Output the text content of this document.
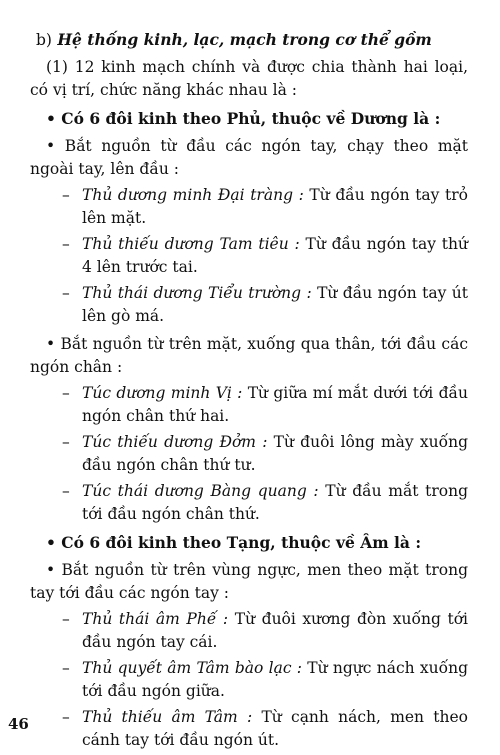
b) Hệ thống kinh, lạc, mạch trong cơ thể gồm

(1) 12 kinh mạch chính và được chia thành hai loại, có vị trí, chức năng khác nhau là :

• Có 6 đôi kinh theo Phủ, thuộc về Dương là :

• Bắt nguồn từ đầu các ngón tay, chạy theo mặt ngoài tay, lên đầu :

– Thủ dương minh Đại tràng : Từ đầu ngón tay trỏ lên mặt.
– Thủ thiếu dương Tam tiêu : Từ đầu ngón tay thứ 4 lên trước tai.
– Thủ thái dương Tiểu trường : Từ đầu ngón tay út lên gò má.

• Bắt nguồn từ trên mặt, xuống qua thân, tới đầu các ngón chân :

– Túc dương minh Vị : Từ giữa mí mắt dưới tới đầu ngón chân thứ hai.
– Túc thiếu dương Đởm : Từ đuôi lông mày xuống đầu ngón chân thứ tư.
– Túc thái dương Bàng quang : Từ đầu mắt trong tới đầu ngón chân thứ.

• Có 6 đôi kinh theo Tạng, thuộc về Âm là :

• Bắt nguồn từ trên vùng ngực, men theo mặt trong tay tới đầu các ngón tay :

– Thủ thái âm Phế : Từ đuôi xương đòn xuống tới đầu ngón tay cái.
– Thủ quyết âm Tâm bào lạc : Từ ngực nách xuống tới đầu ngón giữa.
– Thủ thiếu âm Tâm : Từ cạnh nách, men theo cánh tay tới đầu ngón út.
46
